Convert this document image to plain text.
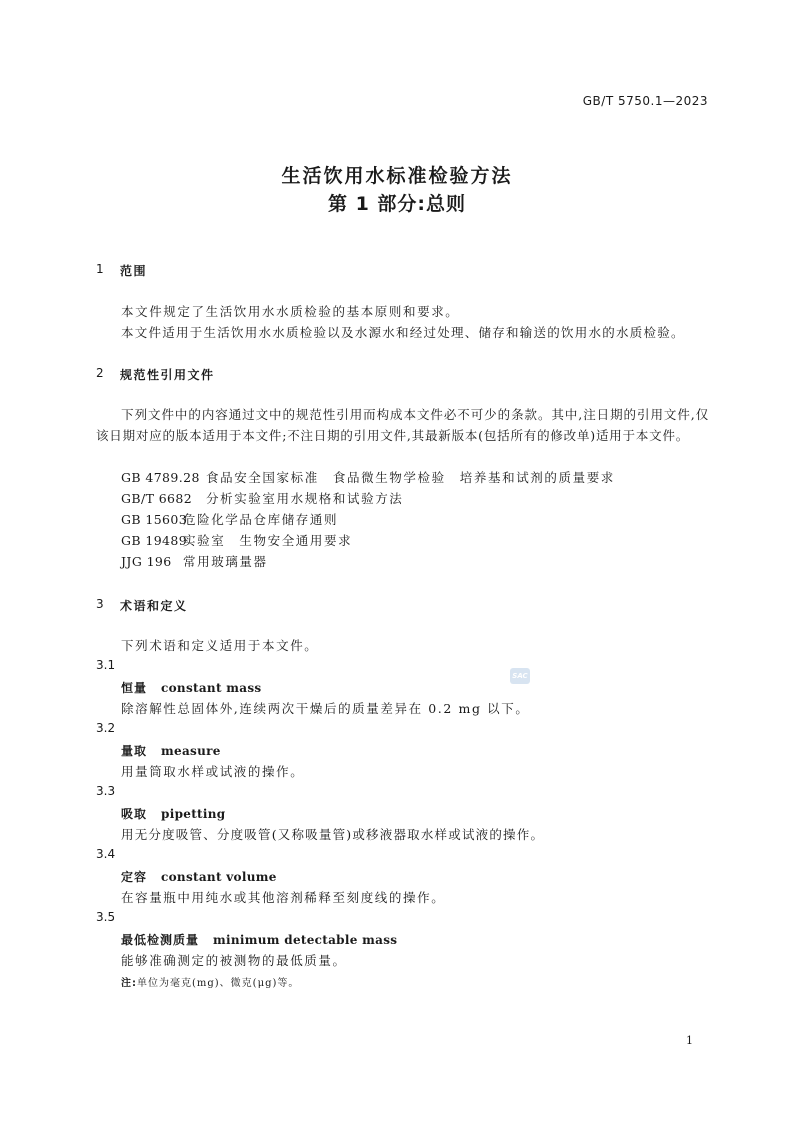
GB/T 5750.1—2023
生活饮用水标准检验方法
第 1 部分:总则
1 范围
本文件规定了生活饮用水水质检验的基本原则和要求。
本文件适用于生活饮用水水质检验以及水源水和经过处理、储存和输送的饮用水的水质检验。
2 规范性引用文件
下列文件中的内容通过文中的规范性引用而构成本文件必不可少的条款。其中,注日期的引用文件,仅该日期对应的版本适用于本文件;不注日期的引用文件,其最新版本(包括所有的修改单)适用于本文件。
GB 4789.28 食品安全国家标准　食品微生物学检验　培养基和试剂的质量要求
GB/T 6682 分析实验室用水规格和试验方法
GB 15603危险化学品仓库储存通则
GB 19489实验室　生物安全通用要求
JJG 196 常用玻璃量器
3 术语和定义
下列术语和定义适用于本文件。
3.1
恒量 constant mass
除溶解性总固体外,连续两次干燥后的质量差异在 0.2 mg 以下。
3.2
量取 measure
用量筒取水样或试液的操作。
3.3
吸取 pipetting
用无分度吸管、分度吸管(又称吸量管)或移液器取水样或试液的操作。
3.4
定容 constant volume
在容量瓶中用纯水或其他溶剂稀释至刻度线的操作。
3.5
最低检测质量 minimum detectable mass
能够准确测定的被测物的最低质量。
注:单位为毫克(mg)、微克(μg)等。
SAC
1
